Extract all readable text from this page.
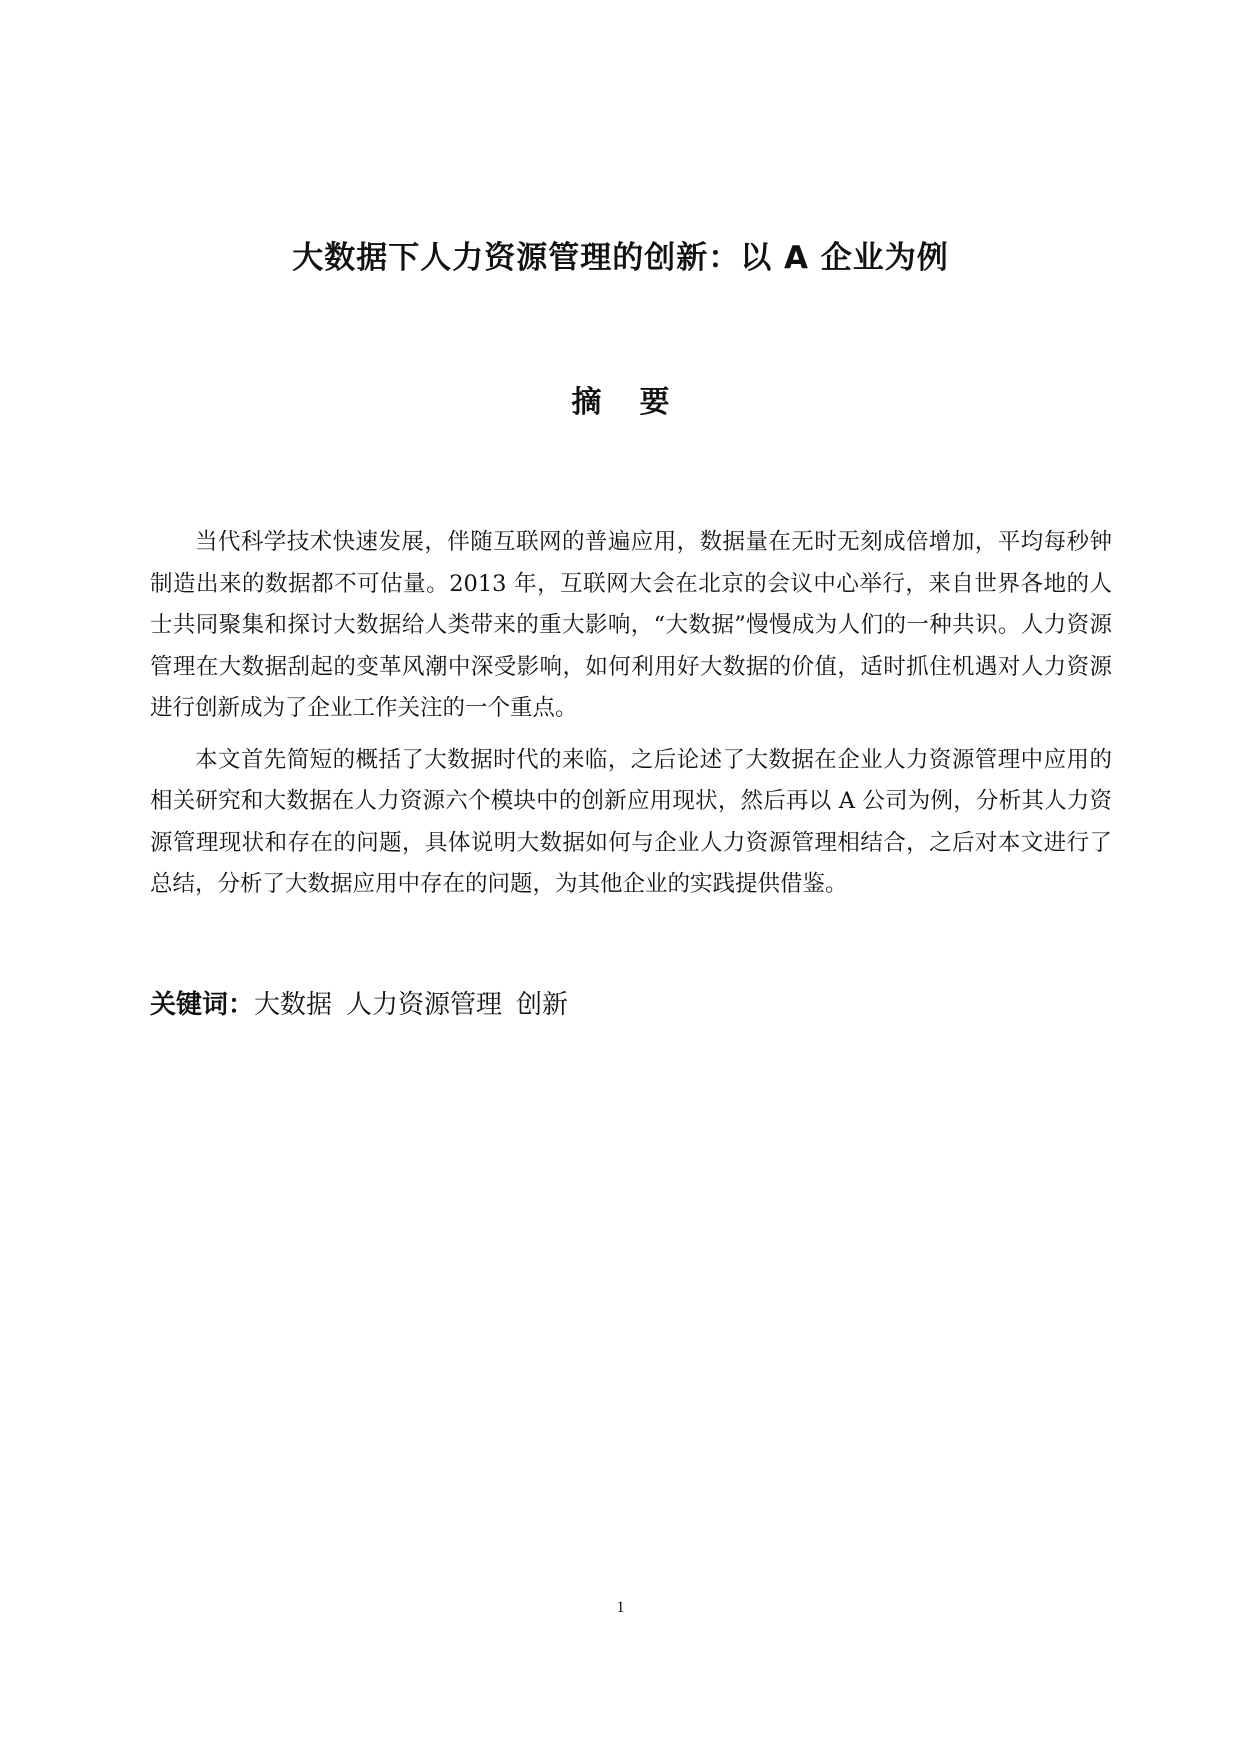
大数据下人力资源管理的创新：以 A 企业为例
摘 要

当代科学技术快速发展，伴随互联网的普遍应用，数据量在无时无刻成倍增加，平均每秒钟制造出来的数据都不可估量。2013 年，互联网大会在北京的会议中心举行，来自世界各地的人士共同聚集和探讨大数据给人类带来的重大影响，“大数据”慢慢成为人们的一种共识。人力资源管理在大数据刮起的变革风潮中深受影响，如何利用好大数据的价值，适时抓住机遇对人力资源进行创新成为了企业工作关注的一个重点。

本文首先简短的概括了大数据时代的来临，之后论述了大数据在企业人力资源管理中应用的相关研究和大数据在人力资源六个模块中的创新应用现状，然后再以 A 公司为例，分析其人力资源管理现状和存在的问题，具体说明大数据如何与企业人力资源管理相结合，之后对本文进行了总结，分析了大数据应用中存在的问题，为其他企业的实践提供借鉴。

关键词：大数据 人力资源管理 创新
1
